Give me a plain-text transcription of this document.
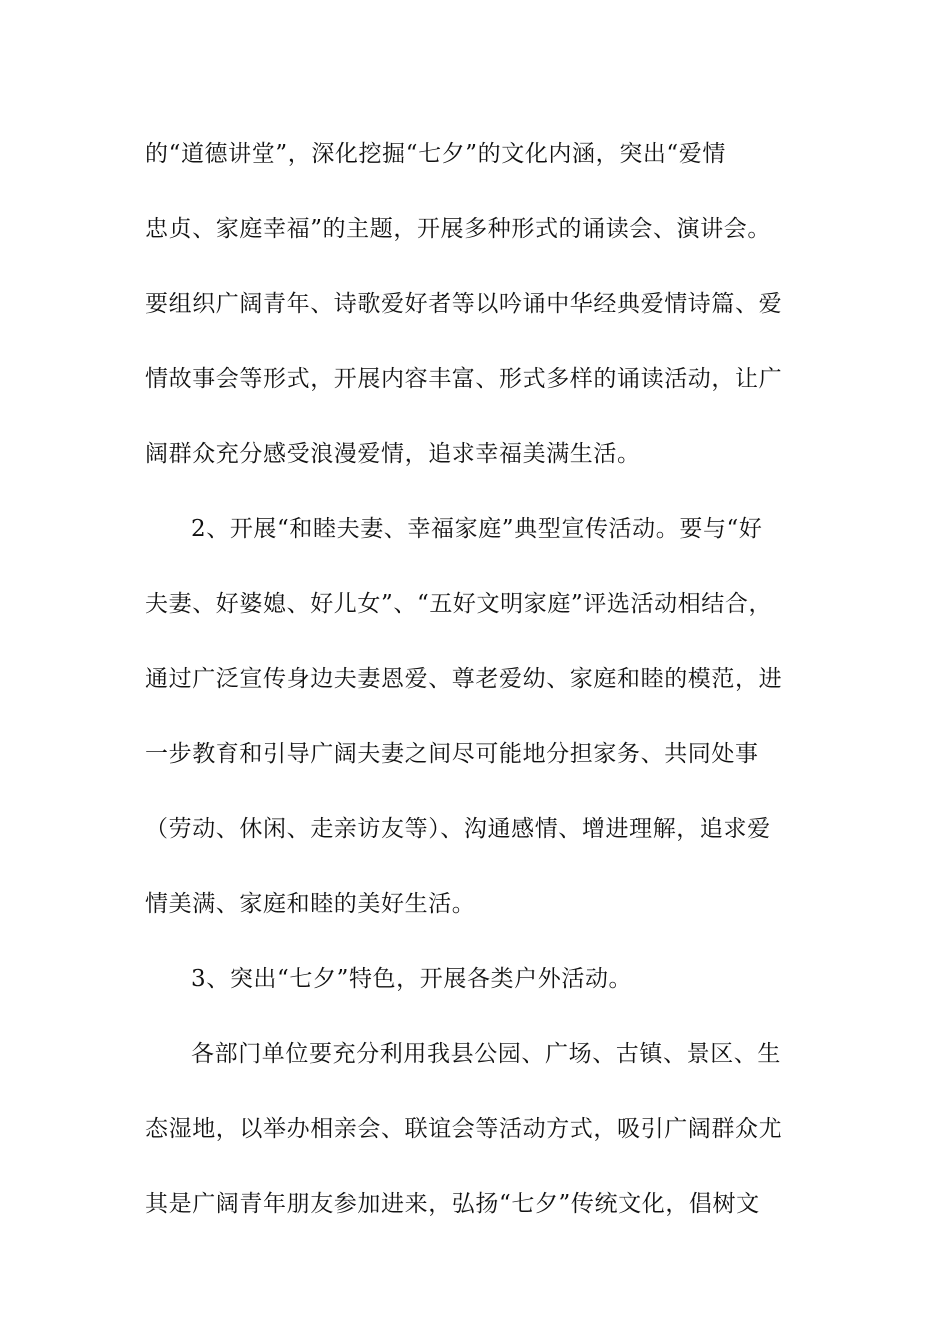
的“道德讲堂”，深化挖掘“七夕”的文化内涵，突出“爱情
忠贞、家庭幸福”的主题，开展多种形式的诵读会、演讲会。
要组织广阔青年、诗歌爱好者等以吟诵中华经典爱情诗篇、爱
情故事会等形式，开展内容丰富、形式多样的诵读活动，让广
阔群众充分感受浪漫爱情，追求幸福美满生活。
2、开展“和睦夫妻、幸福家庭”典型宣传活动。要与“好
夫妻、好婆媳、好儿女”、“五好文明家庭”评选活动相结合，
通过广泛宣传身边夫妻恩爱、尊老爱幼、家庭和睦的模范，进
一步教育和引导广阔夫妻之间尽可能地分担家务、共同处事
（劳动、休闲、走亲访友等）、沟通感情、增进理解，追求爱
情美满、家庭和睦的美好生活。
3、突出“七夕”特色，开展各类户外活动。
各部门单位要充分利用我县公园、广场、古镇、景区、生
态湿地，以举办相亲会、联谊会等活动方式，吸引广阔群众尤
其是广阔青年朋友参加进来，弘扬“七夕”传统文化，倡树文
